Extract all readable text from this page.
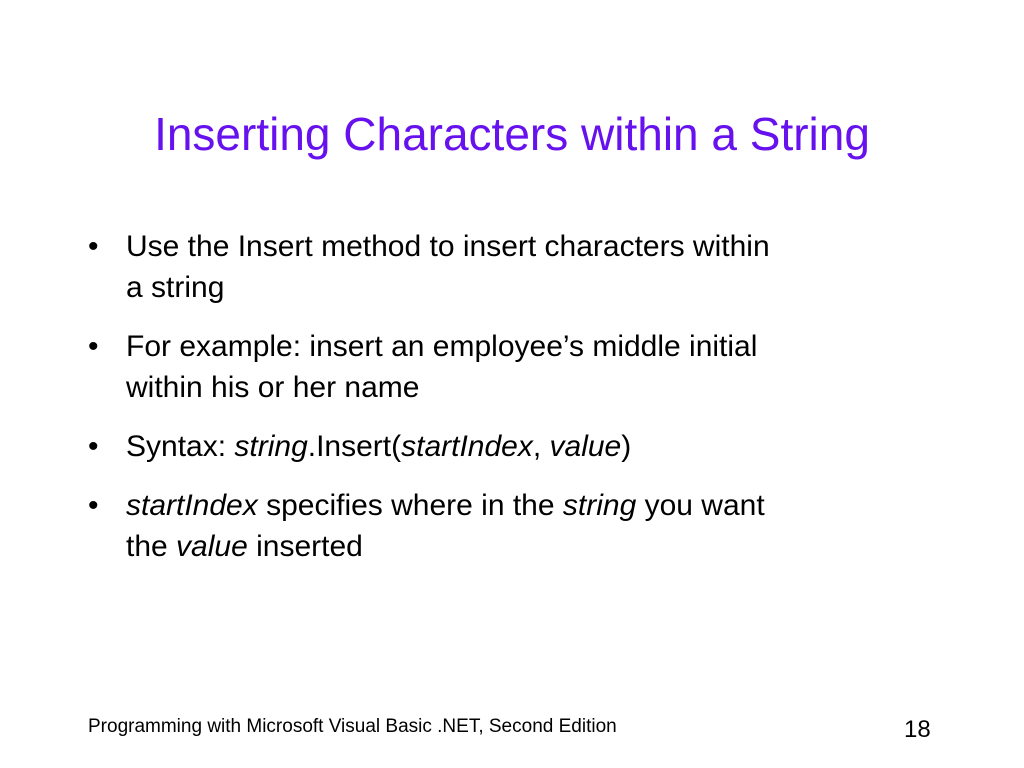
Inserting Characters within a String
• Use the Insert method to insert characters within
a string
• For example: insert an employee’s middle initial
within his or her name
• Syntax: string.Insert(startIndex, value)
• startIndex specifies where in the string you want
the value inserted
Programming with Microsoft Visual Basic .NET, Second Edition	18
